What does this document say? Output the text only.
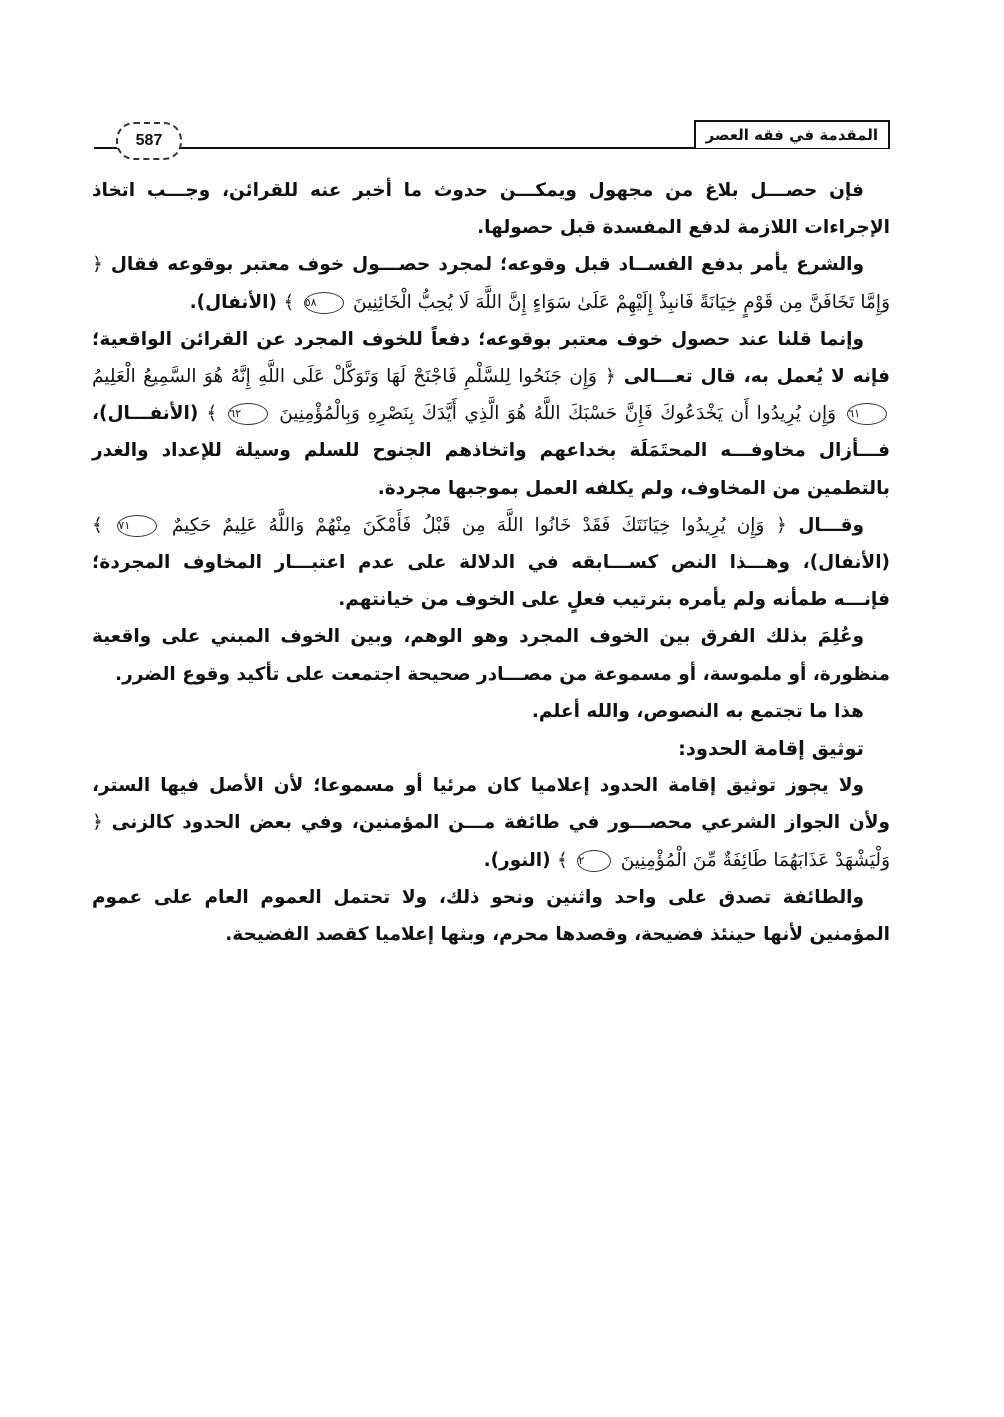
المقدمة في فقه العصر
587

فإن حصـــل بلاغ من مجهول ويمكـــن حدوث ما أخبر عنه للقرائن، وجـــب اتخاذ الإجراءات اللازمة لدفع المفسدة قبل حصولها.

والشرع يأمر بدفع الفســاد قبل وقوعه؛ لمجرد حصـــول خوف معتبر بوقوعه فقال ﴿ وَإِمَّا تَخَافَنَّ مِن قَوْمٍ خِيَانَةً فَانبِذْ إِلَيْهِمْ عَلَىٰ سَوَاءٍ إِنَّ اللَّهَ لَا يُحِبُّ الْخَائِنِينَ ٥٨ ﴾ (الأنفال).

وإنما قلنا عند حصول خوف معتبر بوقوعه؛ دفعاً للخوف المجرد عن القرائن الواقعية؛ فإنه لا يُعمل به، قال تعـــالى ﴿ وَإِن جَنَحُوا لِلسَّلْمِ فَاجْنَحْ لَهَا وَتَوَكَّلْ عَلَى اللَّهِ إِنَّهُ هُوَ السَّمِيعُ الْعَلِيمُ ٦١ وَإِن يُرِيدُوا أَن يَخْدَعُوكَ فَإِنَّ حَسْبَكَ اللَّهُ هُوَ الَّذِي أَيَّدَكَ بِنَصْرِهِ وَبِالْمُؤْمِنِينَ ٦٢ ﴾ (الأنفـــال)، فـــأزال مخاوفـــه المحتَمَلَة بخداعهم واتخاذهم الجنوح للسلم وسيلة للإعداد والغدر بالتطمين من المخاوف، ولم يكلفه العمل بموجبها مجردة.

وقـــال ﴿ وَإِن يُرِيدُوا خِيَانَتَكَ فَقَدْ خَانُوا اللَّهَ مِن قَبْلُ فَأَمْكَنَ مِنْهُمْ وَاللَّهُ عَلِيمٌ حَكِيمٌ ٧١ ﴾ (الأنفال)، وهـــذا النص كســـابقه في الدلالة على عدم اعتبـــار المخاوف المجردة؛ فإنـــه طمأنه ولم يأمره بترتيب فعلٍ على الخوف من خيانتهم.

وعُلِمَ بذلك الفرق بين الخوف المجرد وهو الوهم، وبين الخوف المبني على واقعية منظورة، أو ملموسة، أو مسموعة من مصـــادر صحيحة اجتمعت على تأكيد وقوع الضرر.

هذا ما تجتمع به النصوص، والله أعلم.

توثيق إقامة الحدود:

ولا يجوز توثيق إقامة الحدود إعلاميا كان مرئيا أو مسموعا؛ لأن الأصل فيها الستر، ولأن الجواز الشرعي محصـــور في طائفة مـــن المؤمنين، وفي بعض الحدود كالزنى ﴿ وَلْيَشْهَدْ عَذَابَهُمَا طَائِفَةٌ مِّنَ الْمُؤْمِنِينَ ٢ ﴾ (النور).

والطائفة تصدق على واحد واثنين ونحو ذلك، ولا تحتمل العموم العام على عموم المؤمنين لأنها حينئذ فضيحة، وقصدها محرم، وبثها إعلاميا كقصد الفضيحة.
